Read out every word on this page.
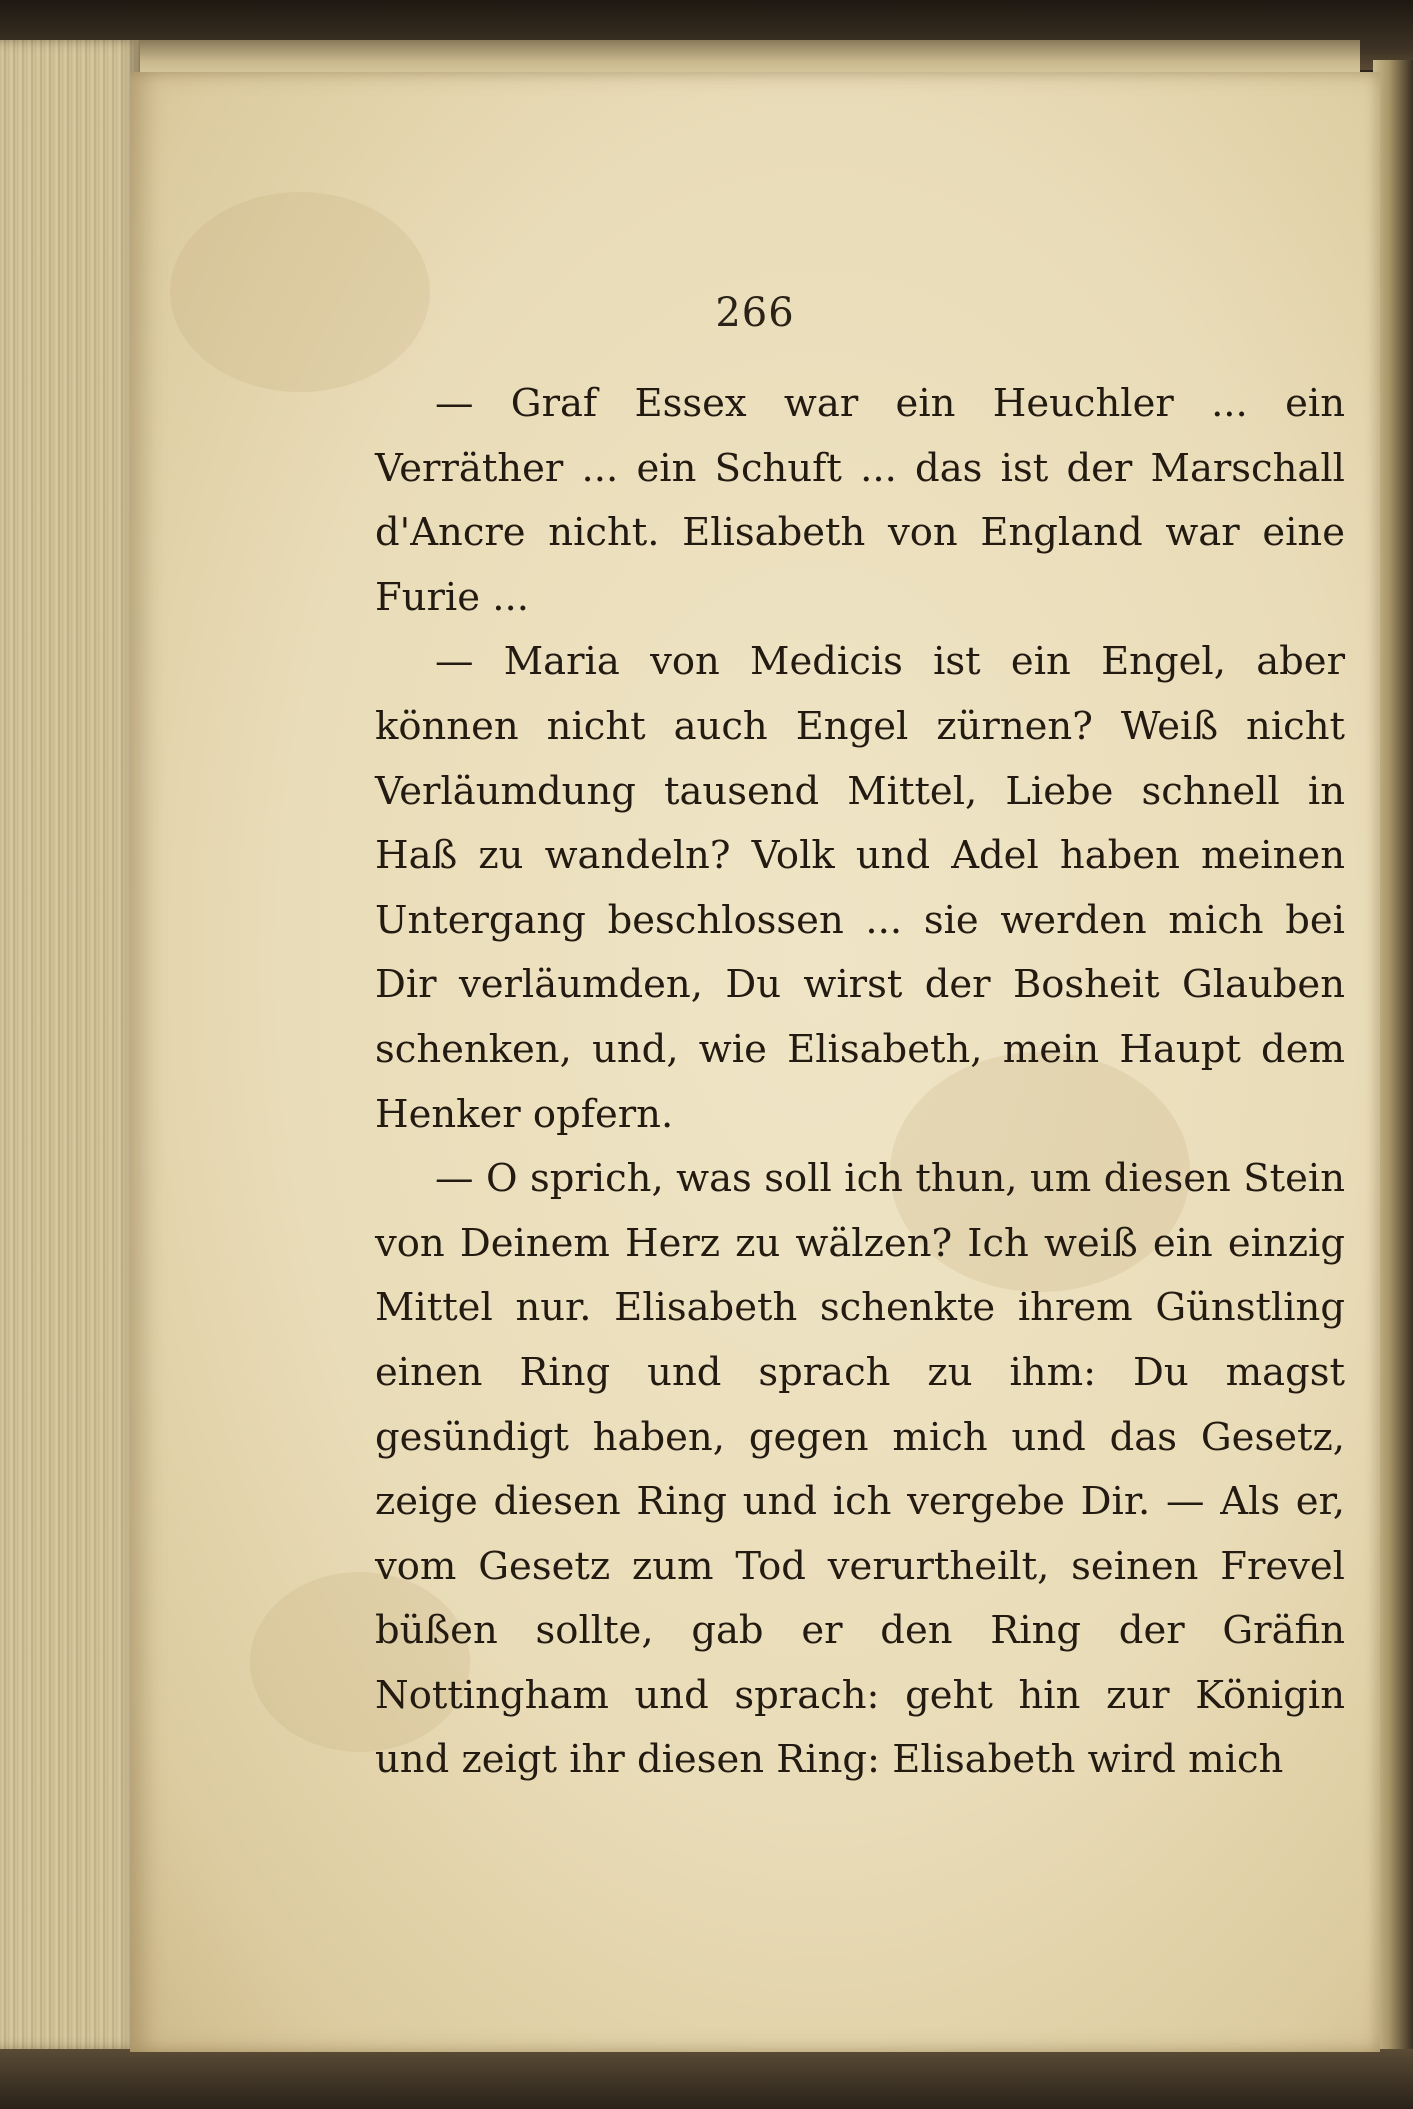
266

— Graf Essex war ein Heuchler ... ein Verräther ... ein Schuft ... das ist der Marschall d'Ancre nicht. Elisabeth von England war eine Furie ...

— Maria von Medicis ist ein Engel, aber können nicht auch Engel zürnen? Weiß nicht Verläumdung tausend Mittel, Liebe schnell in Haß zu wandeln? Volk und Adel haben meinen Untergang beschlossen ... sie werden mich bei Dir verläumden, Du wirst der Bosheit Glauben schenken, und, wie Elisabeth, mein Haupt dem Henker opfern.

— O sprich, was soll ich thun, um diesen Stein von Deinem Herz zu wälzen? Ich weiß ein einzig Mittel nur. Elisabeth schenkte ihrem Günstling einen Ring und sprach zu ihm: Du magst gesündigt haben, gegen mich und das Gesetz, zeige diesen Ring und ich vergebe Dir. — Als er, vom Gesetz zum Tod verurtheilt, seinen Frevel büßen sollte, gab er den Ring der Gräfin Nottingham und sprach: geht hin zur Königin und zeigt ihr diesen Ring: Elisabeth wird mich
